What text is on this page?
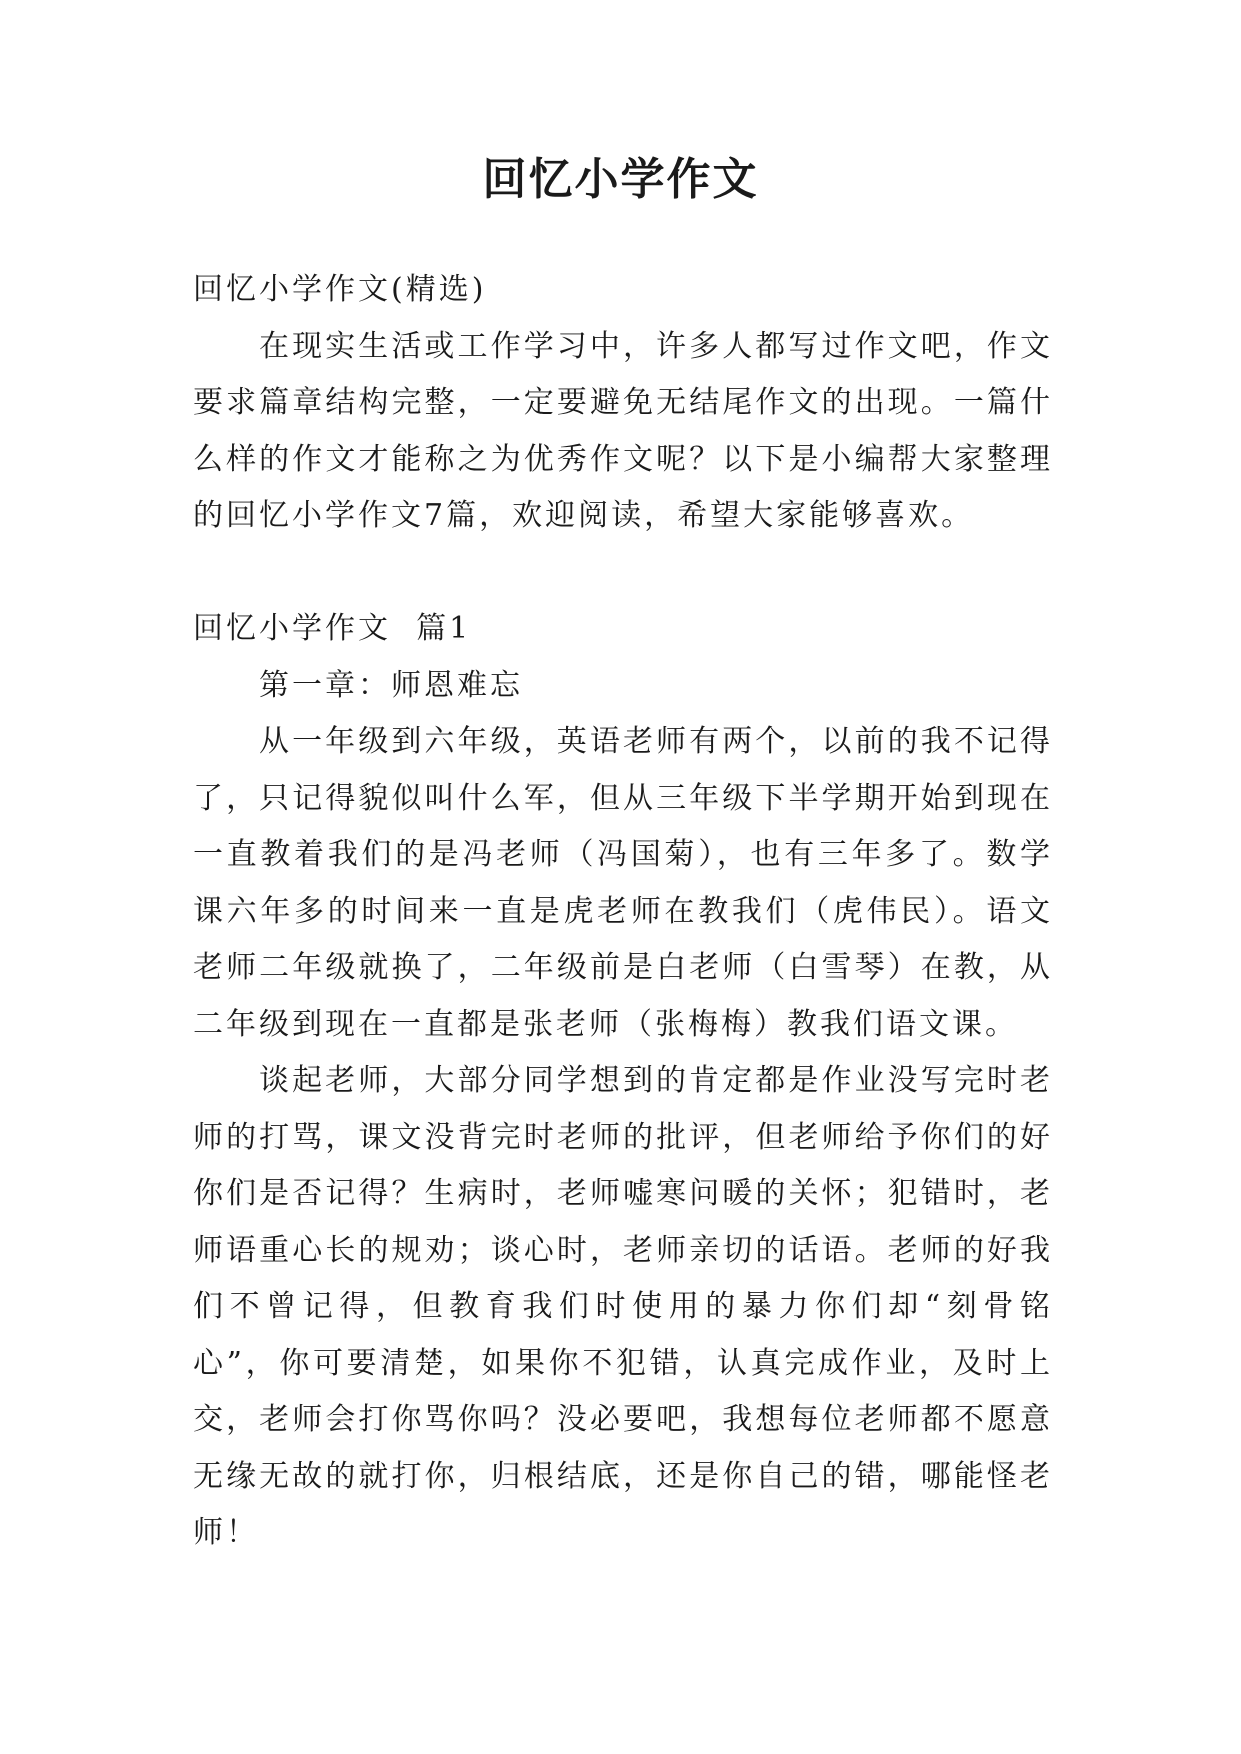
回忆小学作文

回忆小学作文(精选)

在现实生活或工作学习中，许多人都写过作文吧，作文要求篇章结构完整，一定要避免无结尾作文的出现。一篇什么样的作文才能称之为优秀作文呢？以下是小编帮大家整理的回忆小学作文7篇，欢迎阅读，希望大家能够喜欢。

回忆小学作文  篇1

第一章：师恩难忘

从一年级到六年级，英语老师有两个，以前的我不记得了，只记得貌似叫什么军，但从三年级下半学期开始到现在一直教着我们的是冯老师（冯国菊），也有三年多了。数学课六年多的时间来一直是虎老师在教我们（虎伟民）。语文老师二年级就换了，二年级前是白老师（白雪琴）在教，从二年级到现在一直都是张老师（张梅梅）教我们语文课。

谈起老师，大部分同学想到的肯定都是作业没写完时老师的打骂，课文没背完时老师的批评，但老师给予你们的好你们是否记得？生病时，老师嘘寒问暖的关怀；犯错时，老师语重心长的规劝；谈心时，老师亲切的话语。老师的好我们不曾记得，但教育我们时使用的暴力你们却“刻骨铭心”，你可要清楚，如果你不犯错，认真完成作业，及时上交，老师会打你骂你吗？没必要吧，我想每位老师都不愿意无缘无故的就打你，归根结底，还是你自己的错，哪能怪老师！
